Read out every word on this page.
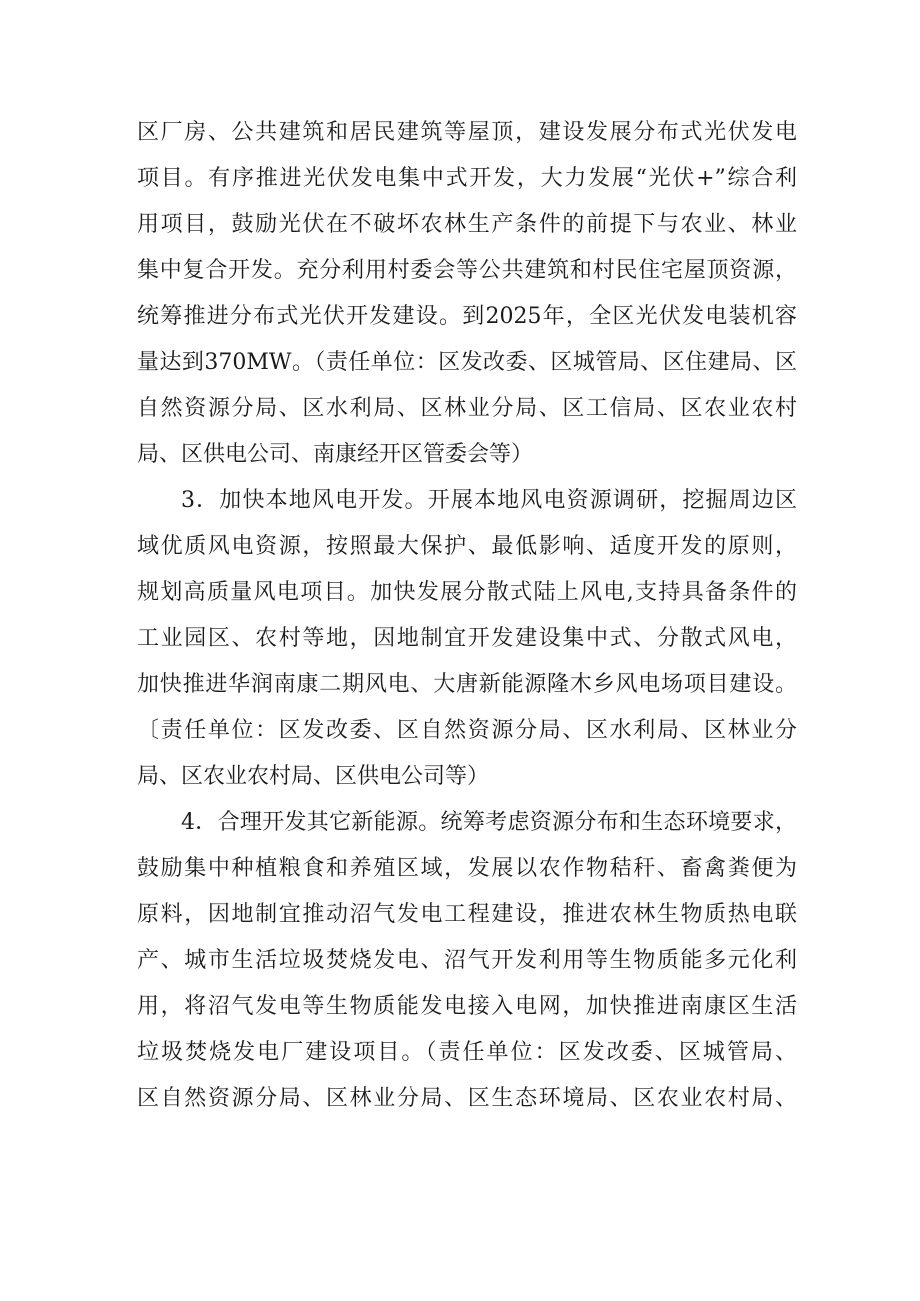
区厂房、公共建筑和居民建筑等屋顶，建设发展分布式光伏发电
项目。有序推进光伏发电集中式开发，大力发展“光伏+”综合利
用项目，鼓励光伏在不破坏农林生产条件的前提下与农业、林业
集中复合开发。充分利用村委会等公共建筑和村民住宅屋顶资源，
统筹推进分布式光伏开发建设。到2025年，全区光伏发电装机容
量达到370MW。（责任单位：区发改委、区城管局、区住建局、区
自然资源分局、区水利局、区林业分局、区工信局、区农业农村
局、区供电公司、南康经开区管委会等）
3．加快本地风电开发。开展本地风电资源调研，挖掘周边区
域优质风电资源，按照最大保护、最低影响、适度开发的原则，
规划高质量风电项目。加快发展分散式陆上风电,支持具备条件的
工业园区、农村等地，因地制宜开发建设集中式、分散式风电，
加快推进华润南康二期风电、大唐新能源隆木乡风电场项目建设。
〔责任单位：区发改委、区自然资源分局、区水利局、区林业分
局、区农业农村局、区供电公司等）
4．合理开发其它新能源。统筹考虑资源分布和生态环境要求，
鼓励集中种植粮食和养殖区域，发展以农作物秸秆、畜禽粪便为
原料，因地制宜推动沼气发电工程建设，推进农林生物质热电联
产、城市生活垃圾焚烧发电、沼气开发利用等生物质能多元化利
用，将沼气发电等生物质能发电接入电网，加快推进南康区生活
垃圾焚烧发电厂建设项目。（责任单位：区发改委、区城管局、
区自然资源分局、区林业分局、区生态环境局、区农业农村局、
